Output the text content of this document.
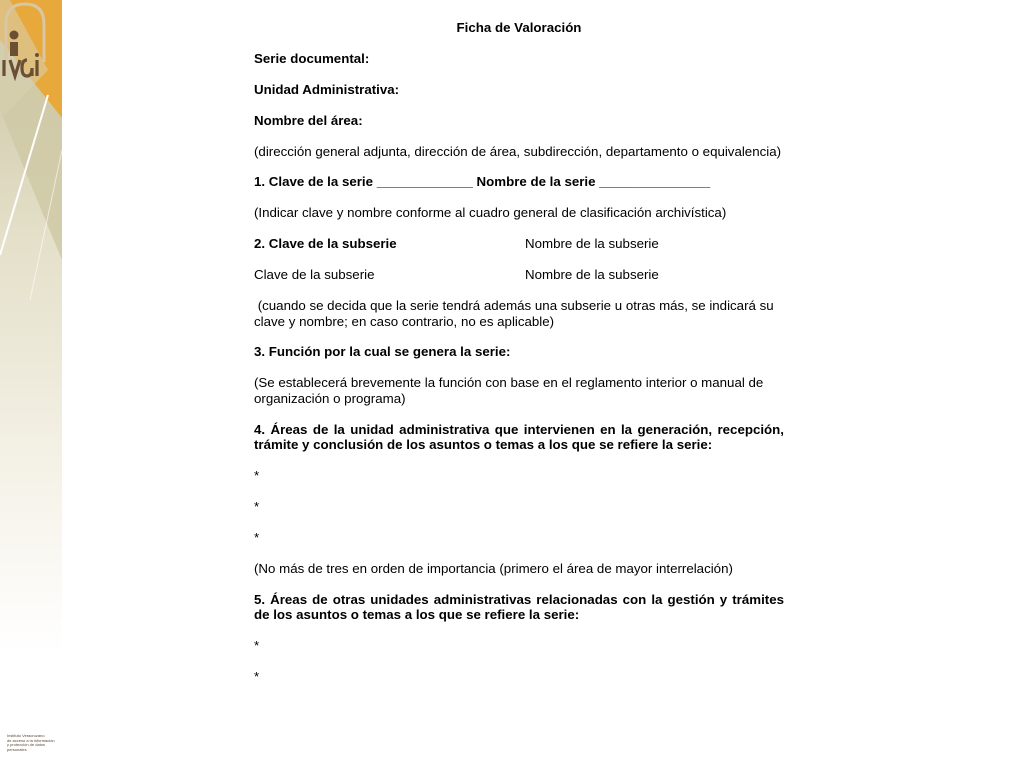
Instituto Veracruzano
de acceso a la información
y protección de datos personales

Ficha de Valoración

Serie documental:

Unidad Administrativa:

Nombre del área:

(dirección general adjunta, dirección de área, subdirección, departamento o equivalencia)

1. Clave de la serie _____________ Nombre de la serie _______________

(Indicar clave y nombre conforme al cuadro general de clasificación archivística)

2. Clave de la subserie	Nombre de la subserie

Clave de la subserie	Nombre de la subserie

(cuando se decida que la serie tendrá además una subserie u otras más, se indicará su clave y nombre; en caso contrario, no es aplicable)

3. Función por la cual se genera la serie:

(Se establecerá brevemente la función con base en el reglamento interior o manual de organización o programa)

4. Áreas de la unidad administrativa que intervienen en la generación, recepción, trámite y conclusión de los asuntos o temas a los que se refiere la serie:

*

*

*

(No más de tres en orden de importancia (primero el área de mayor interrelación)

5. Áreas de otras unidades administrativas relacionadas con la gestión y trámites de los asuntos o temas a los que se refiere la serie:

*

*
